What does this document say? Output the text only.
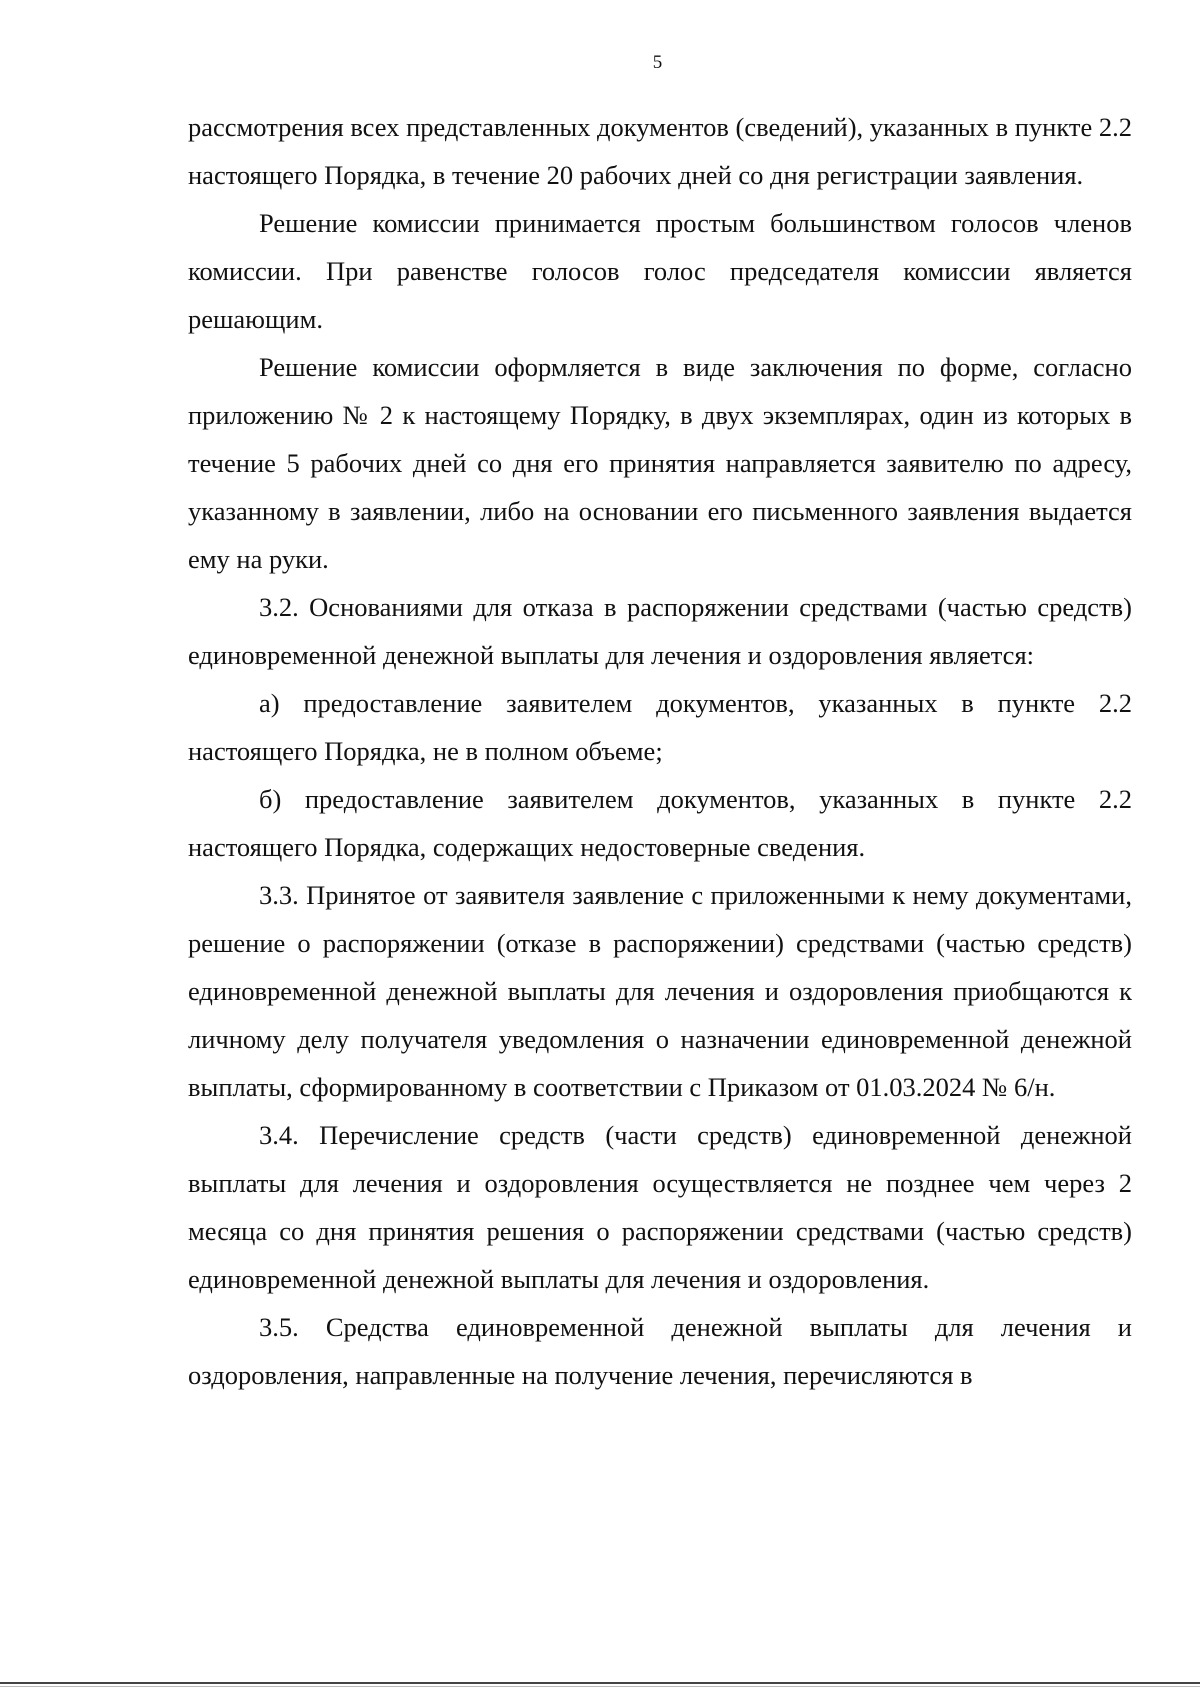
5

рассмотрения всех представленных документов (сведений), указанных в пункте 2.2 настоящего Порядка, в течение 20 рабочих дней со дня регистрации заявления.

Решение комиссии принимается простым большинством голосов членов комиссии. При равенстве голосов голос председателя комиссии является решающим.

Решение комиссии оформляется в виде заключения по форме, согласно приложению № 2 к настоящему Порядку, в двух экземплярах, один из которых в течение 5 рабочих дней со дня его принятия направляется заявителю по адресу, указанному в заявлении, либо на основании его письменного заявления выдается ему на руки.

3.2. Основаниями для отказа в распоряжении средствами (частью средств) единовременной денежной выплаты для лечения и оздоровления является:

а) предоставление заявителем документов, указанных в пункте 2.2 настоящего Порядка, не в полном объеме;

б) предоставление заявителем документов, указанных в пункте 2.2 настоящего Порядка, содержащих недостоверные сведения.

3.3. Принятое от заявителя заявление с приложенными к нему документами, решение о распоряжении (отказе в распоряжении) средствами (частью средств) единовременной денежной выплаты для лечения и оздоровления приобщаются к личному делу получателя уведомления о назначении единовременной денежной выплаты, сформированному в соответствии с Приказом от 01.03.2024 № 6/н.

3.4. Перечисление средств (части средств) единовременной денежной выплаты для лечения и оздоровления осуществляется не позднее чем через 2 месяца со дня принятия решения о распоряжении средствами (частью средств) единовременной денежной выплаты для лечения и оздоровления.

3.5. Средства единовременной денежной выплаты для лечения и оздоровления, направленные на получение лечения, перечисляются в
